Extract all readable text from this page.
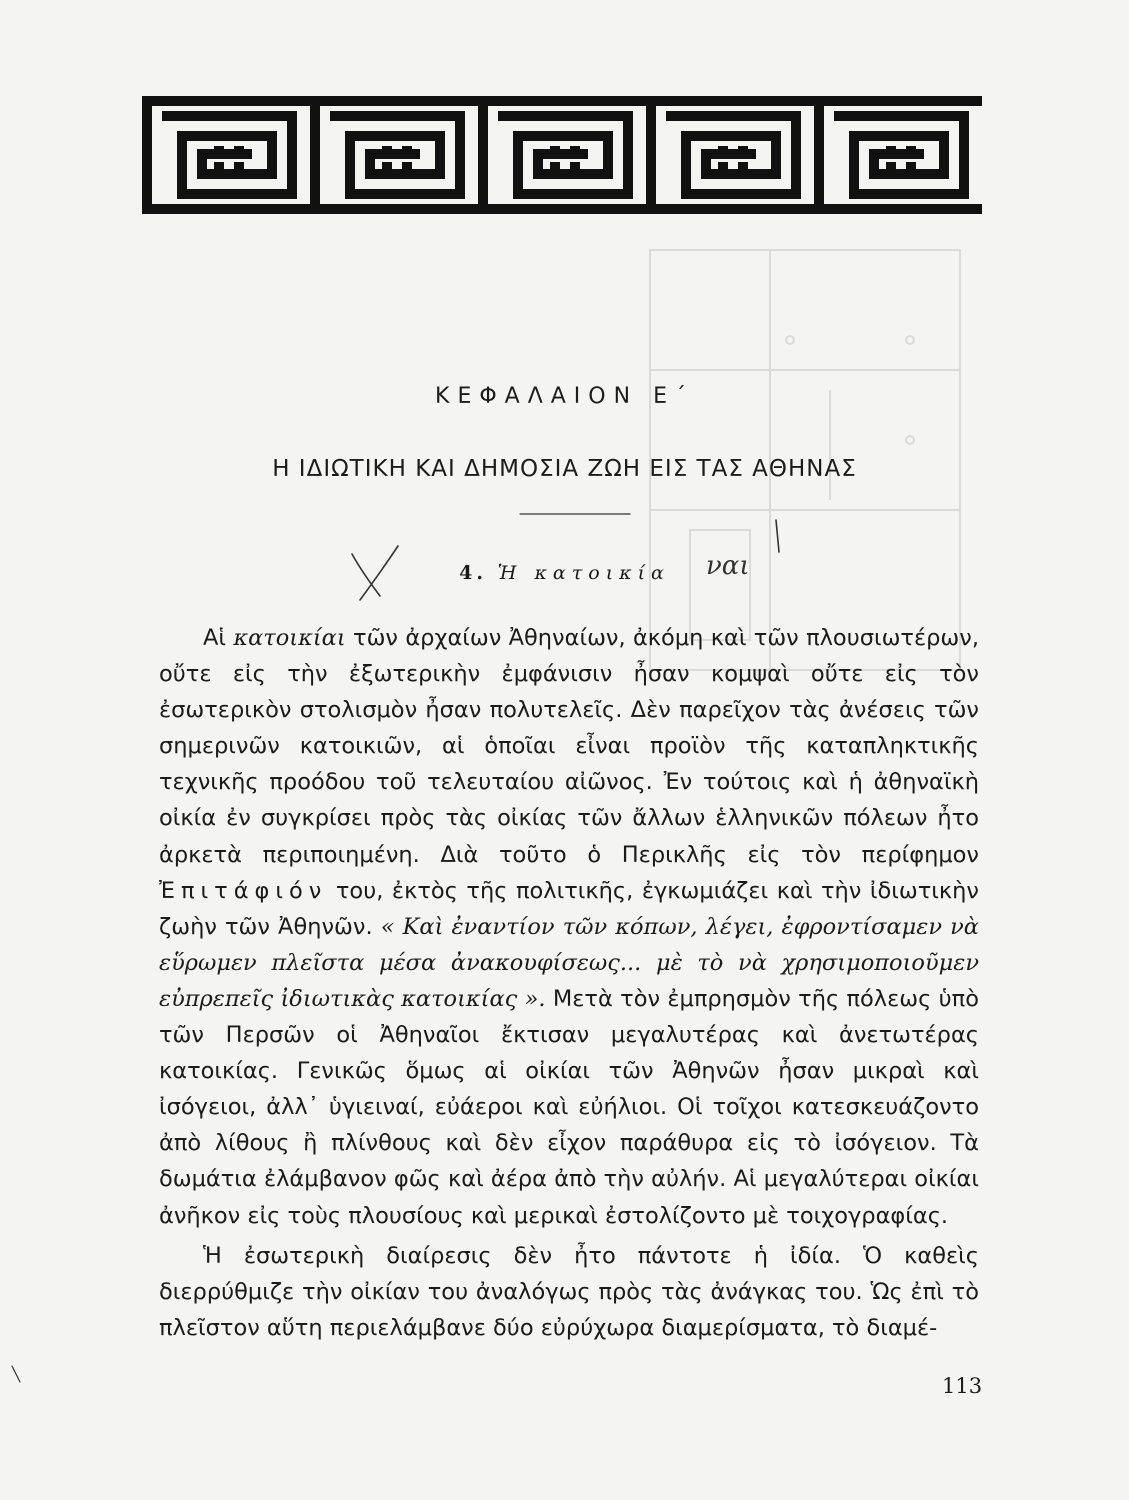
ΚΕΦΑΛΑΙΟΝ Ε΄
Η ΙΔΙΩΤΙΚΗ ΚΑΙ ΔΗΜΟΣΙΑ ΖΩΗ ΕΙΣ ΤΑΣ ΑΘΗΝΑΣ
4. Ἡ κατοικία

Αἱ κατοικίαι τῶν ἀρχαίων Ἀθηναίων, ἀκόμη καὶ τῶν πλουσιωτέρων, οὔτε εἰς τὴν ἐξωτερικὴν ἐμφάνισιν ἦσαν κομψαὶ οὔτε εἰς τὸν ἐσωτερικὸν στολισμὸν ἦσαν πολυτελεῖς. Δὲν παρεῖχον τὰς ἀνέσεις τῶν σημερινῶν κατοικιῶν, αἱ ὁποῖαι εἶναι προϊὸν τῆς καταπληκτικῆς τεχνικῆς προόδου τοῦ τελευταίου αἰῶνος. Ἐν τούτοις καὶ ἡ ἀθηναϊκὴ οἰκία ἐν συγκρίσει πρὸς τὰς οἰκίας τῶν ἄλλων ἑλληνικῶν πόλεων ἦτο ἀρκετὰ περιποιημένη. Διὰ τοῦτο ὁ Περικλῆς εἰς τὸν περίφημον Ἐπιτάφιόν του, ἐκτὸς τῆς πολιτικῆς, ἐγκωμιάζει καὶ τὴν ἰδιωτικὴν ζωὴν τῶν Ἀθηνῶν. « Καὶ ἐναντίον τῶν κόπων, λέγει, ἐφροντίσαμεν νὰ εὕρωμεν πλεῖστα μέσα ἀνακουφίσεως... μὲ τὸ νὰ χρησιμοποιοῦμεν εὐπρεπεῖς ἰδιωτικὰς κατοικίας ». Μετὰ τὸν ἐμπρησμὸν τῆς πόλεως ὑπὸ τῶν Περσῶν οἱ Ἀθηναῖοι ἔκτισαν μεγαλυτέρας καὶ ἀνετωτέρας κατοικίας. Γενικῶς ὅμως αἱ οἰκίαι τῶν Ἀθηνῶν ἦσαν μικραὶ καὶ ἰσόγειοι, ἀλλ᾽ ὑγιειναί, εὐάεροι καὶ εὐήλιοι. Οἱ τοῖχοι κατεσκευάζοντο ἀπὸ λίθους ἢ πλίνθους καὶ δὲν εἶχον παράθυρα εἰς τὸ ἰσόγειον. Τὰ δωμάτια ἐλάμβανον φῶς καὶ ἀέρα ἀπὸ τὴν αὐλήν. Αἱ μεγαλύτεραι οἰκίαι ἀνῆκον εἰς τοὺς πλουσίους καὶ μερικαὶ ἐστολίζοντο μὲ τοιχογραφίας.

Ἡ ἐσωτερικὴ διαίρεσις δὲν ἦτο πάντοτε ἡ ἰδία. Ὁ καθεὶς διερρύθμιζε τὴν οἰκίαν του ἀναλόγως πρὸς τὰς ἀνάγκας του. Ὡς ἐπὶ τὸ πλεῖστον αὕτη περιελάμβανε δύο εὐρύχωρα διαμερίσματα, τὸ διαμέ-

113
ναι
